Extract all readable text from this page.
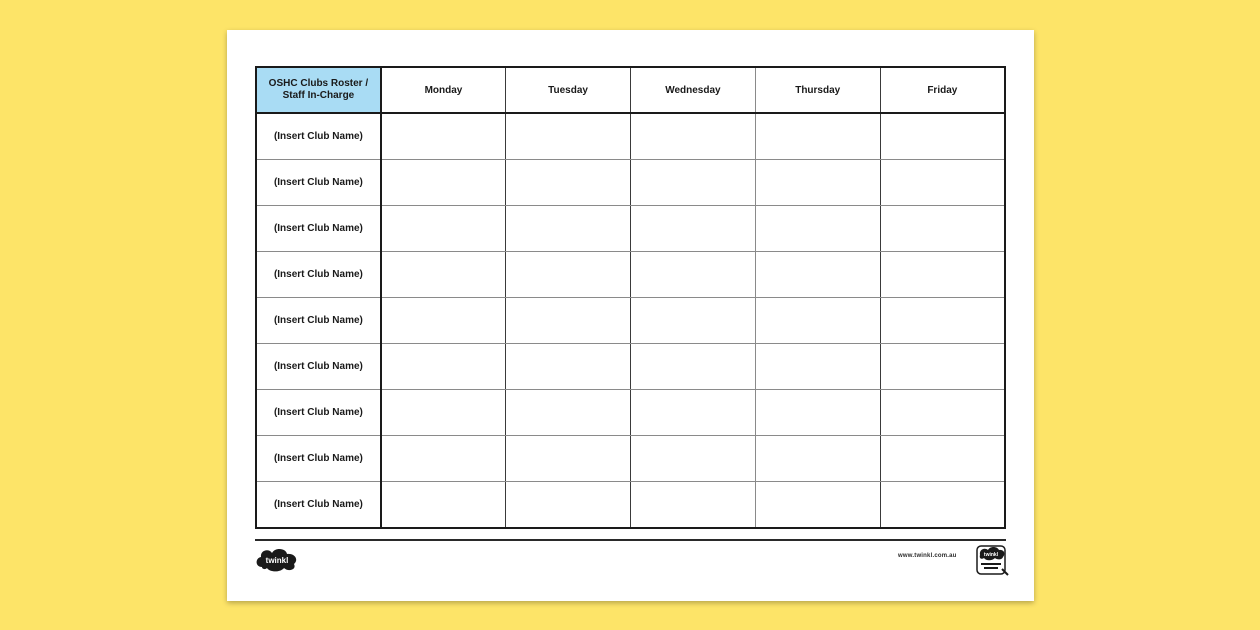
OSHC Clubs Roster / Staff In-Charge	Monday	Tuesday	Wednesday	Thursday	Friday
(Insert Club Name)					
(Insert Club Name)					
(Insert Club Name)					
(Insert Club Name)					
(Insert Club Name)					
(Insert Club Name)					
(Insert Club Name)					
(Insert Club Name)					
(Insert Club Name)					
twinkl	www.twinkl.com.au	twinkl
